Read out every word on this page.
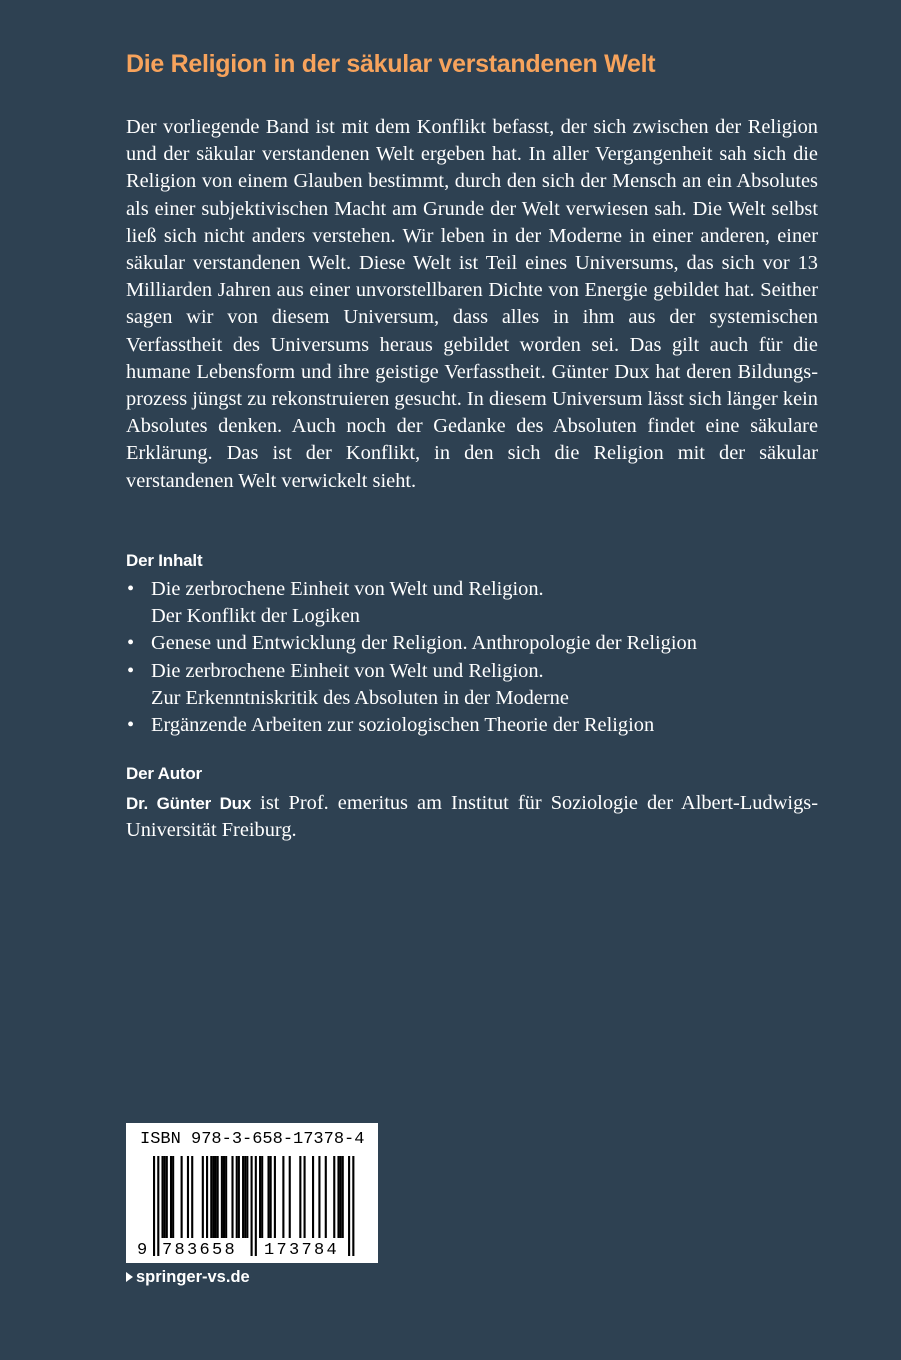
Die Religion in der säkular verstandenen Welt

Der vorliegende Band ist mit dem Konflikt befasst, der sich zwischen der Religion und der säkular verstandenen Welt ergeben hat. In aller Vergangenheit sah sich die Religion von einem Glauben bestimmt, durch den sich der Mensch an ein Absolutes als einer subjektivischen Macht am Grunde der Welt verwiesen sah. Die Welt selbst ließ sich nicht anders verstehen. Wir leben in der Moderne in einer anderen, einer säkular verstandenen Welt. Diese Welt ist Teil eines Universums, das sich vor 13 Milliarden Jahren aus einer unvorstellbaren Dichte von Energie gebildet hat. Seither sagen wir von diesem Universum, dass alles in ihm aus der systemischen Verfasstheit des Universums heraus gebildet worden sei. Das gilt auch für die humane Lebensform und ihre geistige Verfasstheit. Günter Dux hat deren Bildungsprozess jüngst zu rekonstruieren gesucht. In diesem Universum lässt sich länger kein Absolutes denken. Auch noch der Gedanke des Absoluten findet eine säkulare Erklärung. Das ist der Konflikt, in den sich die Religion mit der säkular verstandenen Welt verwickelt sieht.

Der Inhalt
• Die zerbrochene Einheit von Welt und Religion.
Der Konflikt der Logiken
• Genese und Entwicklung der Religion. Anthropologie der Religion
• Die zerbrochene Einheit von Welt und Religion.
Zur Erkenntniskritik des Absoluten in der Moderne
• Ergänzende Arbeiten zur soziologischen Theorie der Religion
Der Autor

Dr. Günter Dux ist Prof. emeritus am Institut für Soziologie der Albert-Ludwigs-Universität Freiburg.

ISBN 978-3-658-17378-4

9 783658 173784
springer-vs.de
